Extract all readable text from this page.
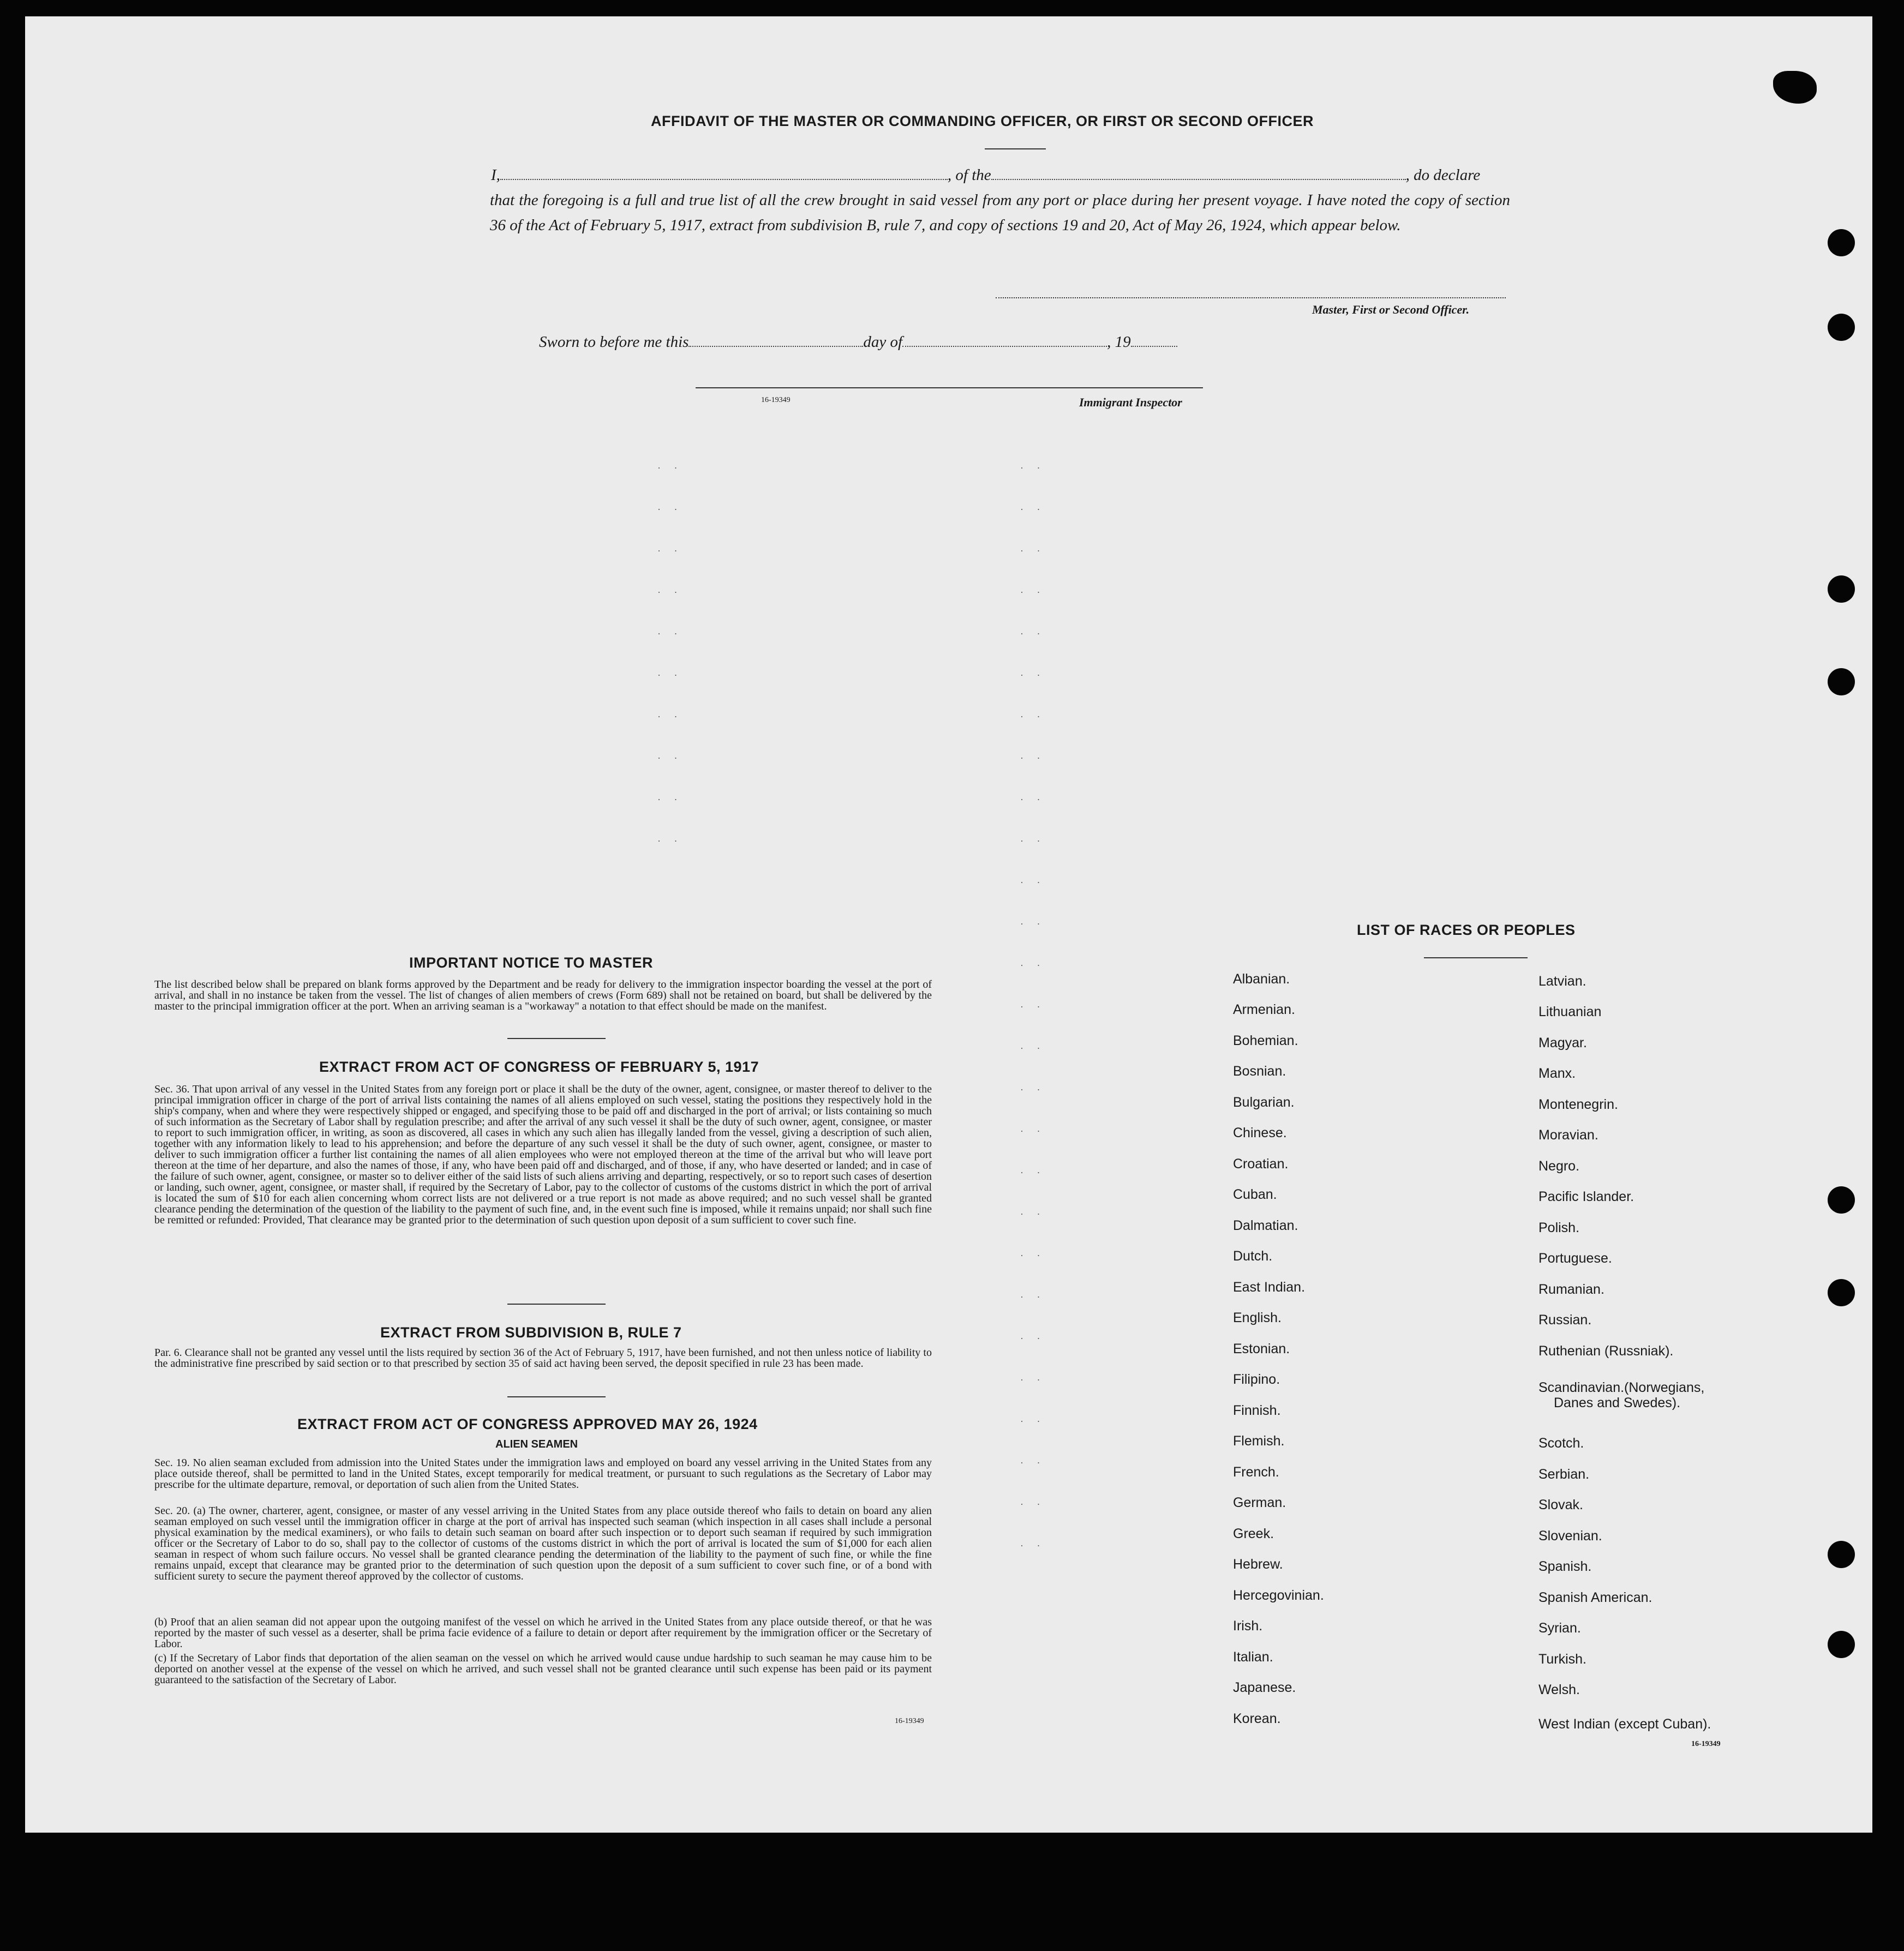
AFFIDAVIT OF THE MASTER OR COMMANDING OFFICER, OR FIRST OR SECOND OFFICER
I,	, of the	, do declare
that the foregoing is a full and true list of all the crew brought in said vessel from any port or place during her present voyage. I have noted the copy of section 36 of the Act of February 5, 1917, extract from subdivision B, rule 7, and copy of sections 19 and 20, Act of May 26, 1924, which appear below.
Master, First or Second Officer.
Sworn to before me this	day of	, 19
16-19349	Immigrant Inspector
· ·
· ·
· ·
· ·
· ·
· ·
· ·
· ·
· ·
· ·
· ·
· ·
· ·
· ·
· ·
· ·
· ·
· ·
· ·
· ·
· ·
· ·
· ·
· ·
· ·
· ·
· ·
· ·
· ·
· ·
· ·
· ·
· ·
· ·
· ·
· ·
· ·
IMPORTANT NOTICE TO MASTER
The list described below shall be prepared on blank forms approved by the Department and be ready for delivery to the immigration inspector boarding the vessel at the port of arrival, and shall in no instance be taken from the vessel. The list of changes of alien members of crews (Form 689) shall not be retained on board, but shall be delivered by the master to the principal immigration officer at the port. When an arriving seaman is a "workaway" a notation to that effect should be made on the manifest.
EXTRACT FROM ACT OF CONGRESS OF FEBRUARY 5, 1917
Sec. 36. That upon arrival of any vessel in the United States from any foreign port or place it shall be the duty of the owner, agent, consignee, or master thereof to deliver to the principal immigration officer in charge of the port of arrival lists containing the names of all aliens employed on such vessel, stating the positions they respectively hold in the ship's company, when and where they were respectively shipped or engaged, and specifying those to be paid off and discharged in the port of arrival; or lists containing so much of such information as the Secretary of Labor shall by regulation prescribe; and after the arrival of any such vessel it shall be the duty of such owner, agent, consignee, or master to report to such immigration officer, in writing, as soon as discovered, all cases in which any such alien has illegally landed from the vessel, giving a description of such alien, together with any information likely to lead to his apprehension; and before the departure of any such vessel it shall be the duty of such owner, agent, consignee, or master to deliver to such immigration officer a further list containing the names of all alien employees who were not employed thereon at the time of the arrival but who will leave port thereon at the time of her departure, and also the names of those, if any, who have been paid off and discharged, and of those, if any, who have deserted or landed; and in case of the failure of such owner, agent, consignee, or master so to deliver either of the said lists of such aliens arriving and departing, respectively, or so to report such cases of desertion or landing, such owner, agent, consignee, or master shall, if required by the Secretary of Labor, pay to the collector of customs of the customs district in which the port of arrival is located the sum of $10 for each alien concerning whom correct lists are not delivered or a true report is not made as above required; and no such vessel shall be granted clearance pending the determination of the question of the liability to the payment of such fine, and, in the event such fine is imposed, while it remains unpaid; nor shall such fine be remitted or refunded: Provided, That clearance may be granted prior to the determination of such question upon deposit of a sum sufficient to cover such fine.
EXTRACT FROM SUBDIVISION B, RULE 7
Par. 6. Clearance shall not be granted any vessel until the lists required by section 36 of the Act of February 5, 1917, have been furnished, and not then unless notice of liability to the administrative fine prescribed by said section or to that prescribed by section 35 of said act having been served, the deposit specified in rule 23 has been made.
EXTRACT FROM ACT OF CONGRESS APPROVED MAY 26, 1924
ALIEN SEAMEN
Sec. 19. No alien seaman excluded from admission into the United States under the immigration laws and employed on board any vessel arriving in the United States from any place outside thereof, shall be permitted to land in the United States, except temporarily for medical treatment, or pursuant to such regulations as the Secretary of Labor may prescribe for the ultimate departure, removal, or deportation of such alien from the United States.
Sec. 20. (a) The owner, charterer, agent, consignee, or master of any vessel arriving in the United States from any place outside thereof who fails to detain on board any alien seaman employed on such vessel until the immigration officer in charge at the port of arrival has inspected such seaman (which inspection in all cases shall include a personal physical examination by the medical examiners), or who fails to detain such seaman on board after such inspection or to deport such seaman if required by such immigration officer or the Secretary of Labor to do so, shall pay to the collector of customs of the customs district in which the port of arrival is located the sum of $1,000 for each alien seaman in respect of whom such failure occurs. No vessel shall be granted clearance pending the determination of the liability to the payment of such fine, or while the fine remains unpaid, except that clearance may be granted prior to the determination of such question upon the deposit of a sum sufficient to cover such fine, or of a bond with sufficient surety to secure the payment thereof approved by the collector of customs.
(b) Proof that an alien seaman did not appear upon the outgoing manifest of the vessel on which he arrived in the United States from any place outside thereof, or that he was reported by the master of such vessel as a deserter, shall be prima facie evidence of a failure to detain or deport after requirement by the immigration officer or the Secretary of Labor.
(c) If the Secretary of Labor finds that deportation of the alien seaman on the vessel on which he arrived would cause undue hardship to such seaman he may cause him to be deported on another vessel at the expense of the vessel on which he arrived, and such vessel shall not be granted clearance until such expense has been paid or its payment guaranteed to the satisfaction of the Secretary of Labor.
16-19349
LIST OF RACES OR PEOPLES
Albanian.
Armenian.
Bohemian.
Bosnian.
Bulgarian.
Chinese.
Croatian.
Cuban.
Dalmatian.
Dutch.
East Indian.
English.
Estonian.
Filipino.
Finnish.
Flemish.
French.
German.
Greek.
Hebrew.
Hercegovinian.
Irish.
Italian.
Japanese.
Korean.
Latvian.
Lithuanian
Magyar.
Manx.
Montenegrin.
Moravian.
Negro.
Pacific Islander.
Polish.
Portuguese.
Rumanian.
Russian.
Ruthenian (Russniak).
Scandinavian.(Norwegians,
Danes and Swedes).
Scotch.
Serbian.
Slovak.
Slovenian.
Spanish.
Spanish American.
Syrian.
Turkish.
Welsh.
West Indian (except Cuban).
16-19349
